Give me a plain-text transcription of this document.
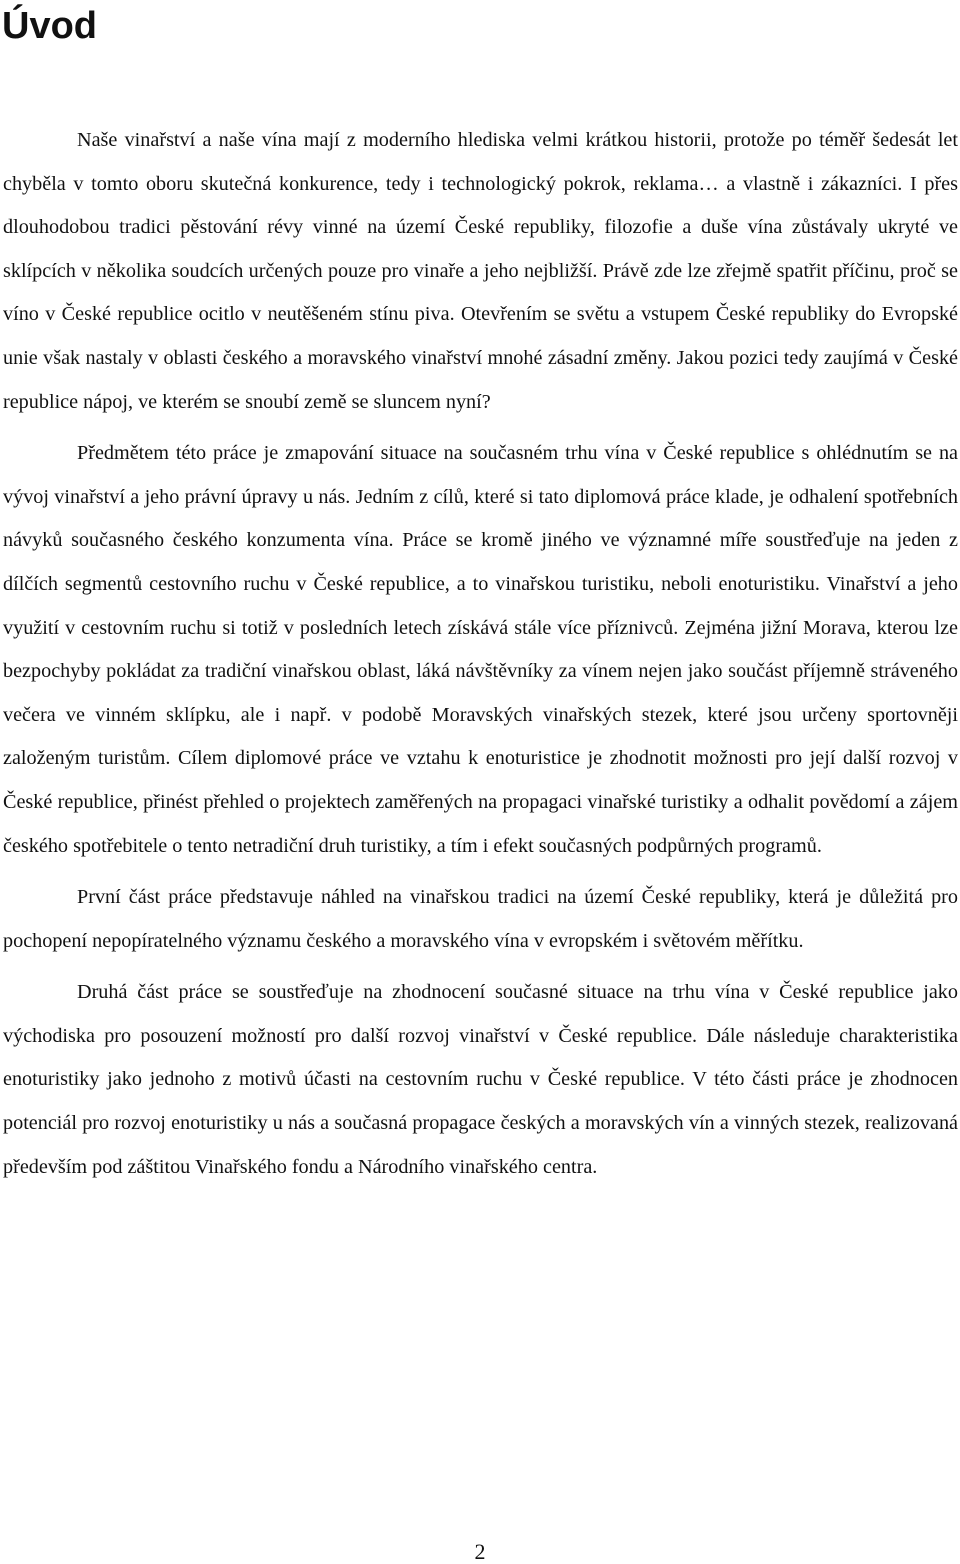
Úvod

Naše vinařství a naše vína mají z moderního hlediska velmi krátkou historii, protože po téměř šedesát let chyběla v tomto oboru skutečná konkurence, tedy i technologický pokrok, reklama… a vlastně i zákazníci. I přes dlouhodobou tradici pěstování révy vinné na území České republiky, filozofie a duše vína zůstávaly ukryté ve sklípcích v několika soudcích určených pouze pro vinaře a jeho nejbližší. Právě zde lze zřejmě spatřit příčinu, proč se víno v České republice ocitlo v neutěšeném stínu piva. Otevřením se světu a vstupem České republiky do Evropské unie však nastaly v oblasti českého a moravského vinařství mnohé zásadní změny. Jakou pozici tedy zaujímá v České republice nápoj, ve kterém se snoubí země se sluncem nyní?

Předmětem této práce je zmapování situace na současném trhu vína v České republice s ohlédnutím se na vývoj vinařství a jeho právní úpravy u nás. Jedním z cílů, které si tato diplomová práce klade, je odhalení spotřebních návyků současného českého konzumenta vína. Práce se kromě jiného ve významné míře soustřeďuje na jeden z dílčích segmentů cestovního ruchu v České republice, a to vinařskou turistiku, neboli enoturistiku. Vinařství a jeho využití v cestovním ruchu si totiž v posledních letech získává stále více příznivců. Zejména jižní Morava, kterou lze bezpochyby pokládat za tradiční vinařskou oblast, láká návštěvníky za vínem nejen jako součást příjemně stráveného večera ve vinném sklípku, ale i např. v podobě Moravských vinařských stezek, které jsou určeny sportovněji založeným turistům. Cílem diplomové práce ve vztahu k enoturistice je zhodnotit možnosti pro její další rozvoj v České republice, přinést přehled o projektech zaměřených na propagaci vinařské turistiky a odhalit povědomí a zájem českého spotřebitele o tento netradiční druh turistiky, a tím i efekt současných podpůrných programů.

První část práce představuje náhled na vinařskou tradici na území České republiky, která je důležitá pro pochopení nepopíratelného významu českého a moravského vína v evropském i světovém měřítku.

Druhá část práce se soustřeďuje na zhodnocení současné situace na trhu vína v České republice jako východiska pro posouzení možností pro další rozvoj vinařství v České republice. Dále následuje charakteristika enoturistiky jako jednoho z motivů účasti na cestovním ruchu v České republice. V této části práce je zhodnocen potenciál pro rozvoj enoturistiky u nás a současná propagace českých a moravských vín a vinných stezek, realizovaná především pod záštitou Vinařského fondu a Národního vinařského centra.

2
